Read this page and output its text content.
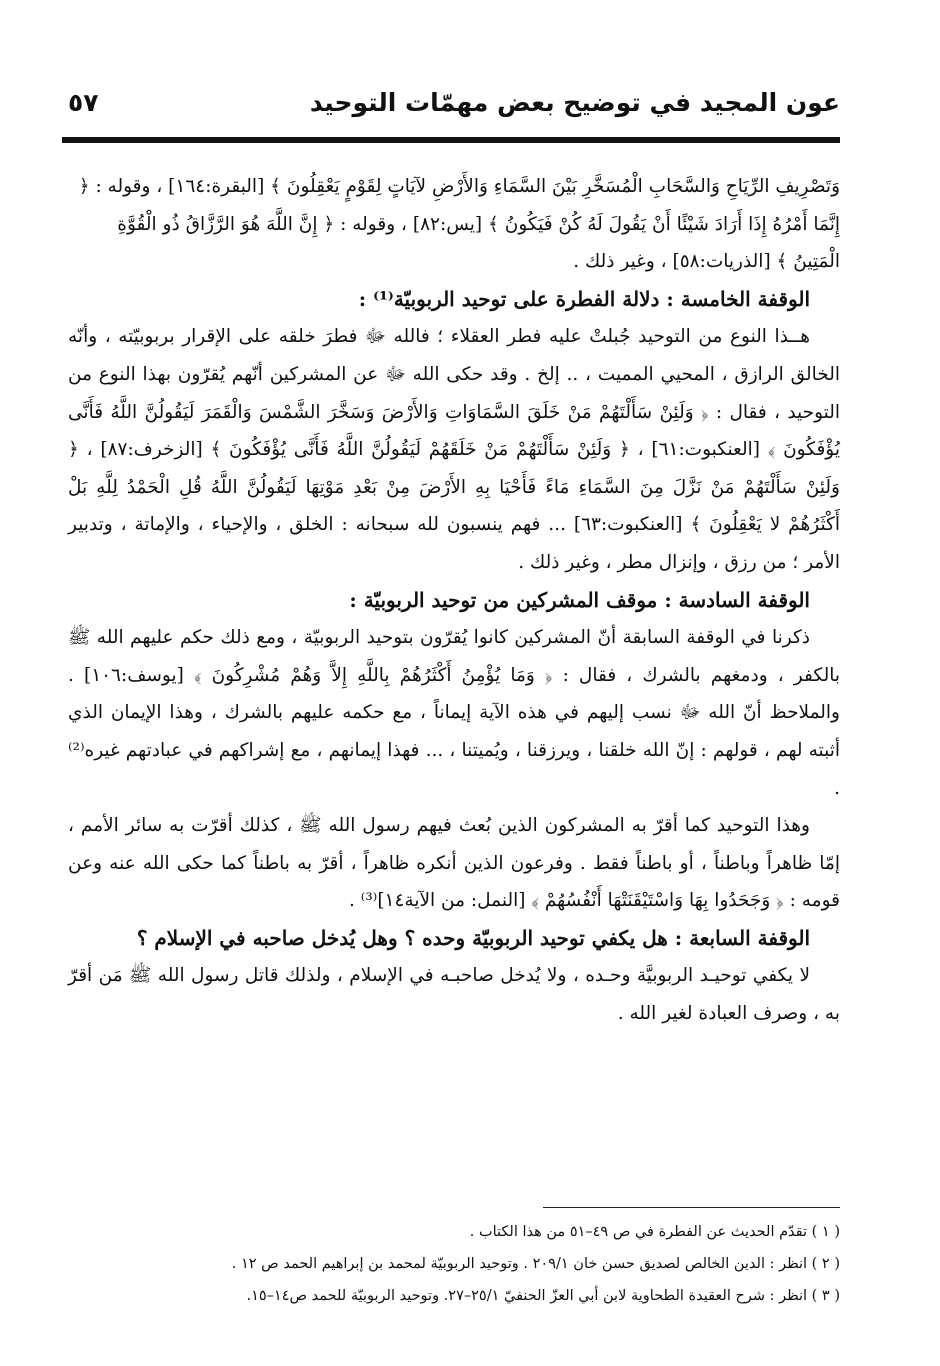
عون المجيد في توضيح بعض مهمّات التوحيد
٥٧

وَتَصْرِيفِ الرِّيَاحِ وَالسَّحَابِ الْمُسَخَّرِ بَيْنَ السَّمَاءِ وَالأَرْضِ لآيَاتٍ لِقَوْمٍ يَعْقِلُونَ ﴾ [البقرة:١٦٤] ، وقوله : ﴿ إِنَّمَا أَمْرُهُ إِذَا أَرَادَ شَيْئًا أَنْ يَقُولَ لَهُ كُنْ فَيَكُونُ ﴾ [يس:٨٢] ، وقوله : ﴿ إِنَّ اللَّهَ هُوَ الرَّزَّاقُ ذُو الْقُوَّةِ الْمَتِينُ ﴾ [الذريات:٥٨] ، وغير ذلك .

الوقفة الخامسة : دلالة الفطرة على توحيد الربوبيّة⁽¹⁾ :

هــذا النوع من التوحيد جُبلتْ عليه فطر العقلاء ؛ فالله ﷻ فطرَ خلقه على الإقرار بربوبيّته ، وأنّه الخالق الرازق ، المحيي المميت ، .. إلخ . وقد حكى الله ﷻ عن المشركين أنّهم يُقرّون بهذا النوع من التوحيد ، فقال : ﴿ وَلَئِنْ سَأَلْتَهُمْ مَنْ خَلَقَ السَّمَاوَاتِ وَالأَرْضَ وَسَخَّرَ الشَّمْسَ وَالْقَمَرَ لَيَقُولُنَّ اللَّهُ فَأَنَّى يُؤْفَكُونَ ﴾ [العنكبوت:٦١] ، ﴿ وَلَئِنْ سَأَلْتَهُمْ مَنْ خَلَقَهُمْ لَيَقُولُنَّ اللَّهُ فَأَنَّى يُؤْفَكُونَ ﴾ [الزخرف:٨٧] ، ﴿ وَلَئِنْ سَأَلْتَهُمْ مَنْ نَزَّلَ مِنَ السَّمَاءِ مَاءً فَأَحْيَا بِهِ الأَرْضَ مِنْ بَعْدِ مَوْتِهَا لَيَقُولُنَّ اللَّهُ قُلِ الْحَمْدُ لِلَّهِ بَلْ أَكْثَرُهُمْ لا يَعْقِلُونَ ﴾ [العنكبوت:٦٣] ... فهم ينسبون لله سبحانه : الخلق ، والإحياء ، والإماتة ، وتدبير الأمر ؛ من رزق ، وإنزال مطر ، وغير ذلك .

الوقفة السادسة : موقف المشركين من توحيد الربوبيّة :

ذكرنا في الوقفة السابقة أنّ المشركين كانوا يُقرّون بتوحيد الربوبيّة ، ومع ذلك حكم عليهم الله ﷺ بالكفر ، ودمغهم بالشرك ، فقال : ﴿ وَمَا يُؤْمِنُ أَكْثَرُهُمْ بِاللَّهِ إِلاَّ وَهُمْ مُشْرِكُونَ ﴾ [يوسف:١٠٦] . والملاحظ أنّ الله ﷻ نسب إليهم في هذه الآية إيماناً ، مع حكمه عليهم بالشرك ، وهذا الإيمان الذي أثبته لهم ، قولهم : إنّ الله خلقنا ، ويرزقنا ، ويُميتنا ، ... فهذا إيمانهم ، مع إشراكهم في عبادتهم غيره⁽²⁾ .

وهذا التوحيد كما أقرّ به المشركون الذين بُعث فيهم رسول الله ﷺ ، كذلك أقرّت به سائر الأمم ، إمّا ظاهراً وباطناً ، أو باطناً فقط . وفرعون الذين أنكره ظاهراً ، أقرّ به باطناً كما حكى الله عنه وعن قومه : ﴿ وَجَحَدُوا بِهَا وَاسْتَيْقَنَتْهَا أَنْفُسُهُمْ ﴾ [النمل: من الآية١٤]⁽³⁾ .

الوقفة السابعة : هل يكفي توحيد الربوبيّة وحده ؟ وهل يُدخل صاحبه في الإسلام ؟

لا يكفي توحيـد الربوبيَّة وحـده ، ولا يُدخل صاحبـه في الإسلام ، ولذلك قاتل رسول الله ﷺ مَن أقرّ به ، وصرف العبادة لغير الله .

( ١ ) تقدّم الحديث عن الفطرة في ص ٤٩–٥١ من هذا الكتاب .

( ٢ ) انظر : الدين الخالص لصديق حسن خان ٢٠٩/١ . وتوحيد الربوبيّة لمحمد بن إبراهيم الحمد ص ١٢ .

( ٣ ) انظر : شرح العقيدة الطحاوية لابن أبي العزّ الحنفيّ ٢٥/١–٢٧. وتوحيد الربوبيّة للحمد ص١٤–١٥.
